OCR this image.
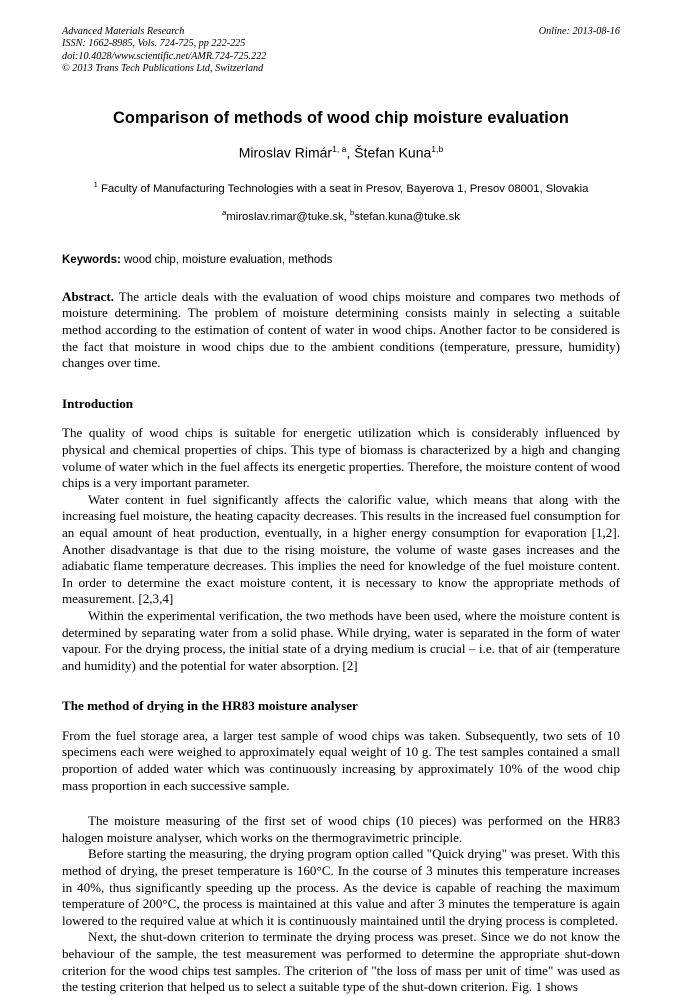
Advanced Materials Research
ISSN: 1662-8985, Vols. 724-725, pp 222-225
doi:10.4028/www.scientific.net/AMR.724-725.222
© 2013 Trans Tech Publications Ltd, Switzerland
Online: 2013-08-16
Comparison of methods of wood chip moisture evaluation
Miroslav Rimár$^{1, a}$, Štefan Kuna$^{1,b}$
$^1$ Faculty of Manufacturing Technologies with a seat in Presov, Bayerova 1, Presov 08001, Slovakia
$^a$miroslav.rimar@tuke.sk, $^b$stefan.kuna@tuke.sk
Keywords: wood chip, moisture evaluation, methods
Abstract. The article deals with the evaluation of wood chips moisture and compares two methods of moisture determining. The problem of moisture determining consists mainly in selecting a suitable method according to the estimation of content of water in wood chips. Another factor to be considered is the fact that moisture in wood chips due to the ambient conditions (temperature, pressure, humidity) changes over time.
Introduction

The quality of wood chips is suitable for energetic utilization which is considerably influenced by physical and chemical properties of chips. This type of biomass is characterized by a high and changing volume of water which in the fuel affects its energetic properties. Therefore, the moisture content of wood chips is a very important parameter.

Water content in fuel significantly affects the calorific value, which means that along with the increasing fuel moisture, the heating capacity decreases. This results in the increased fuel consumption for an equal amount of heat production, eventually, in a higher energy consumption for evaporation [1,2]. Another disadvantage is that due to the rising moisture, the volume of waste gases increases and the adiabatic flame temperature decreases. This implies the need for knowledge of the fuel moisture content. In order to determine the exact moisture content, it is necessary to know the appropriate methods of measurement. [2,3,4]

Within the experimental verification, the two methods have been used, where the moisture content is determined by separating water from a solid phase. While drying, water is separated in the form of water vapour. For the drying process, the initial state of a drying medium is crucial – i.e. that of air (temperature and humidity) and the potential for water absorption. [2]

The method of drying in the HR83 moisture analyser

From the fuel storage area, a larger test sample of wood chips was taken. Subsequently, two sets of 10 specimens each were weighed to approximately equal weight of 10 g. The test samples contained a small proportion of added water which was continuously increasing by approximately 10% of the wood chip mass proportion in each successive sample.

The moisture measuring of the first set of wood chips (10 pieces) was performed on the HR83 halogen moisture analyser, which works on the thermogravimetric principle.

Before starting the measuring, the drying program option called "Quick drying" was preset. With this method of drying, the preset temperature is 160°C. In the course of 3 minutes this temperature increases in 40%, thus significantly speeding up the process. As the device is capable of reaching the maximum temperature of 200°C, the process is maintained at this value and after 3 minutes the temperature is again lowered to the required value at which it is continuously maintained until the drying process is completed.

Next, the shut-down criterion to terminate the drying process was preset. Since we do not know the behaviour of the sample, the test measurement was performed to determine the appropriate shut-down criterion for the wood chips test samples. The criterion of "the loss of mass per unit of time" was used as the testing criterion that helped us to select a suitable type of the shut-down criterion. Fig. 1 shows
